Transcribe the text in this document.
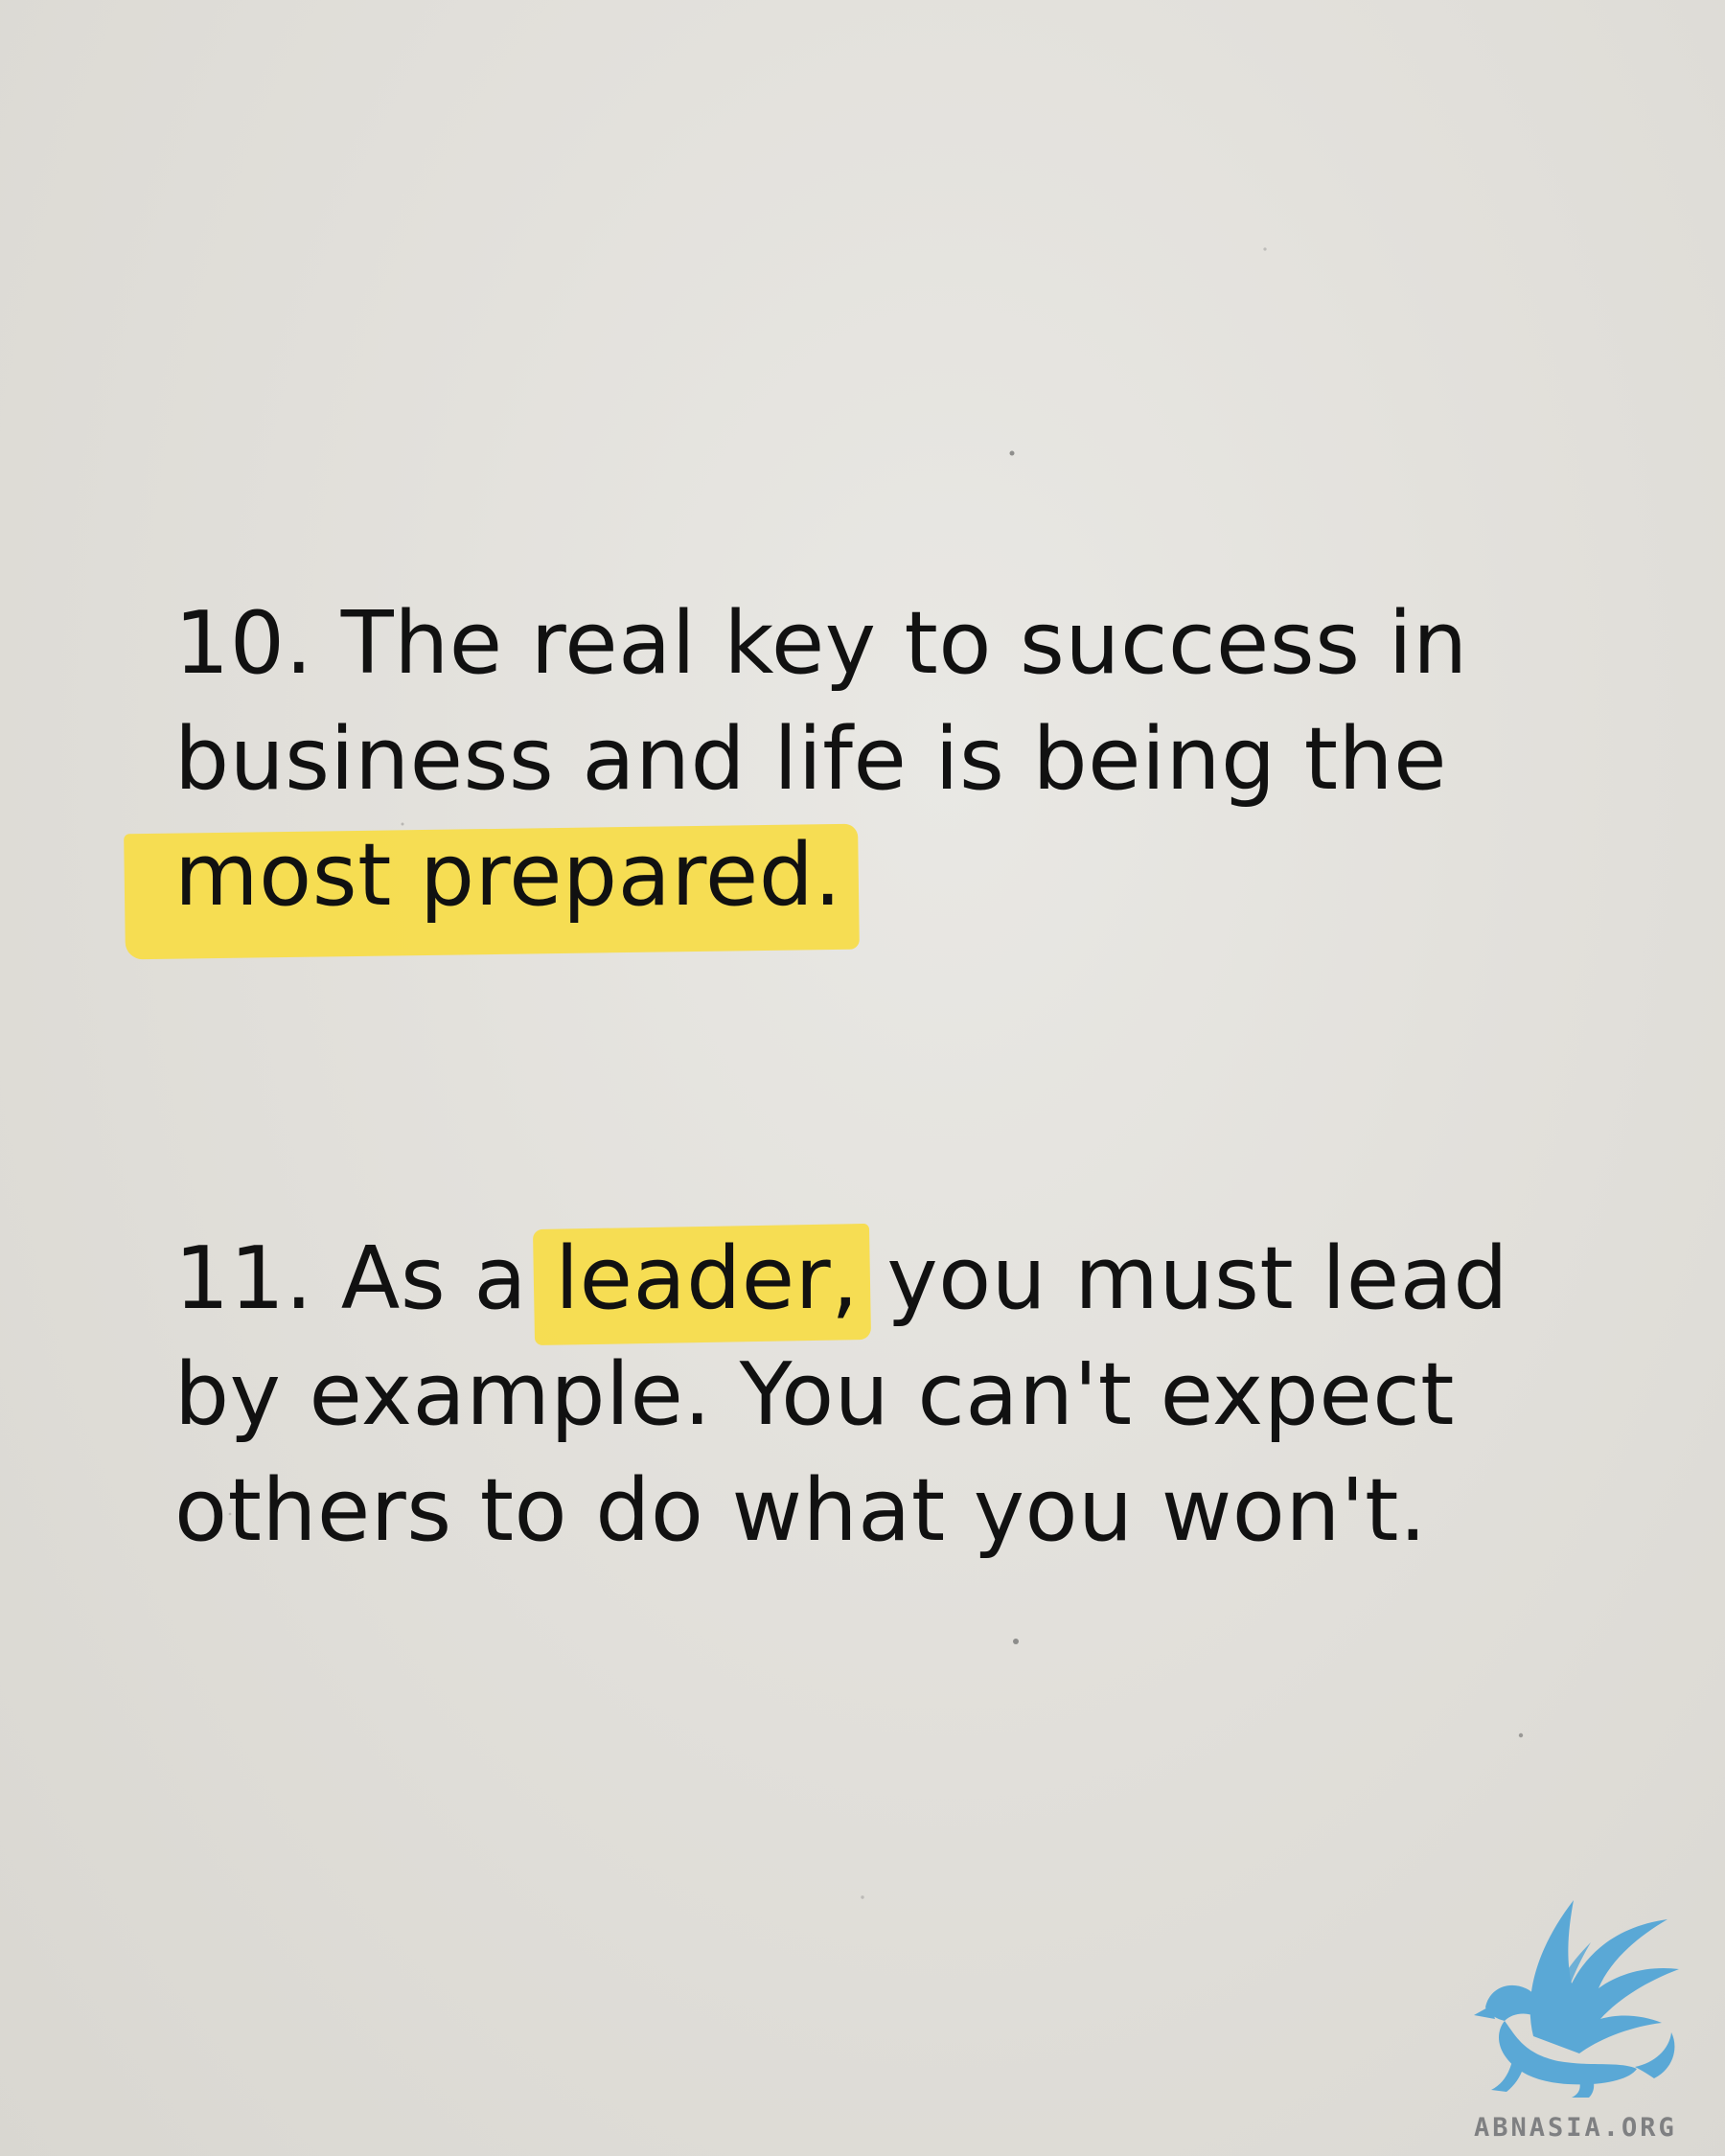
10. The real key to success in
business and life is being the
most prepared.
11. As a leader, you must lead
by example. You can't expect
others to do what you won't.
ABNASIA.ORG
